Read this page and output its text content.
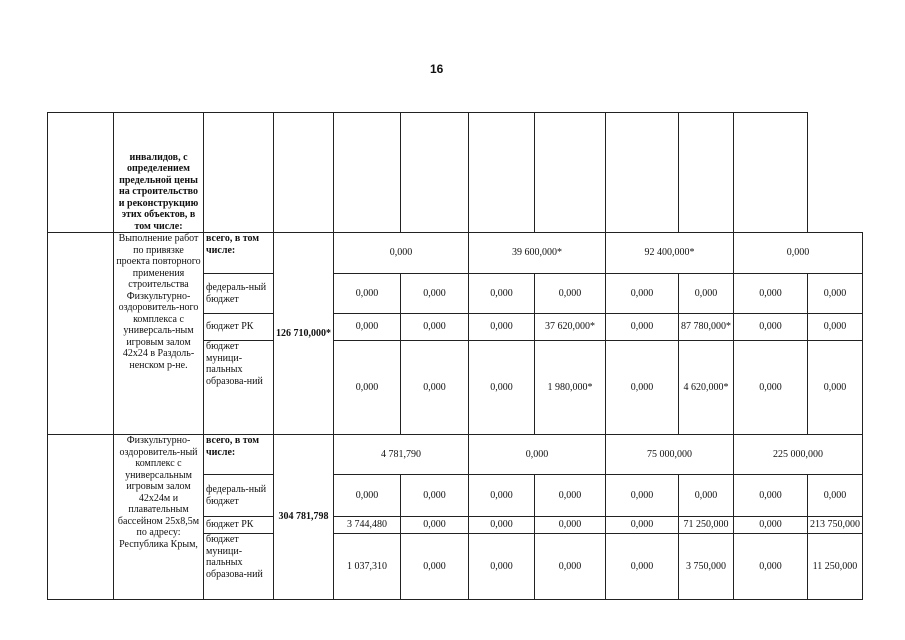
16
	инвалидов, с определением предельной цены на строительство и реконструкцию этих объектов, в том числе:										
	Выполнение работ по привязке проекта повторного применения строительства Физкультурно-оздоровитель-ного комплекса с универсаль-ным игровым залом 42х24 в Раздоль-ненском р-не.	всего, в том числе:	126 710,000*	0,000		39 600,000*		92 400,000*		0,000	
		федераль-ный бюджет		0,000	0,000	0,000	0,000	0,000	0,000	0,000	0,000
		бюджет РК		0,000	0,000	0,000	37 620,000*	0,000	87 780,000*	0,000	0,000
		бюджет муници-пальных образова-ний		0,000	0,000	0,000	1 980,000*	0,000	4 620,000*	0,000	0,000
	Физкультурно-оздоровитель-ный комплекс с универсальным игровым залом 42х24м и плавательным бассейном 25х8,5м по адресу: Республика Крым,	всего, в том числе:	304 781,798	4 781,790		0,000		75 000,000		225 000,000	
		федераль-ный бюджет		0,000	0,000	0,000	0,000	0,000	0,000	0,000	0,000
		бюджет РК		3 744,480	0,000	0,000	0,000	0,000	71 250,000	0,000	213 750,000
		бюджет муници-пальных образова-ний		1 037,310	0,000	0,000	0,000	0,000	3 750,000	0,000	11 250,000
